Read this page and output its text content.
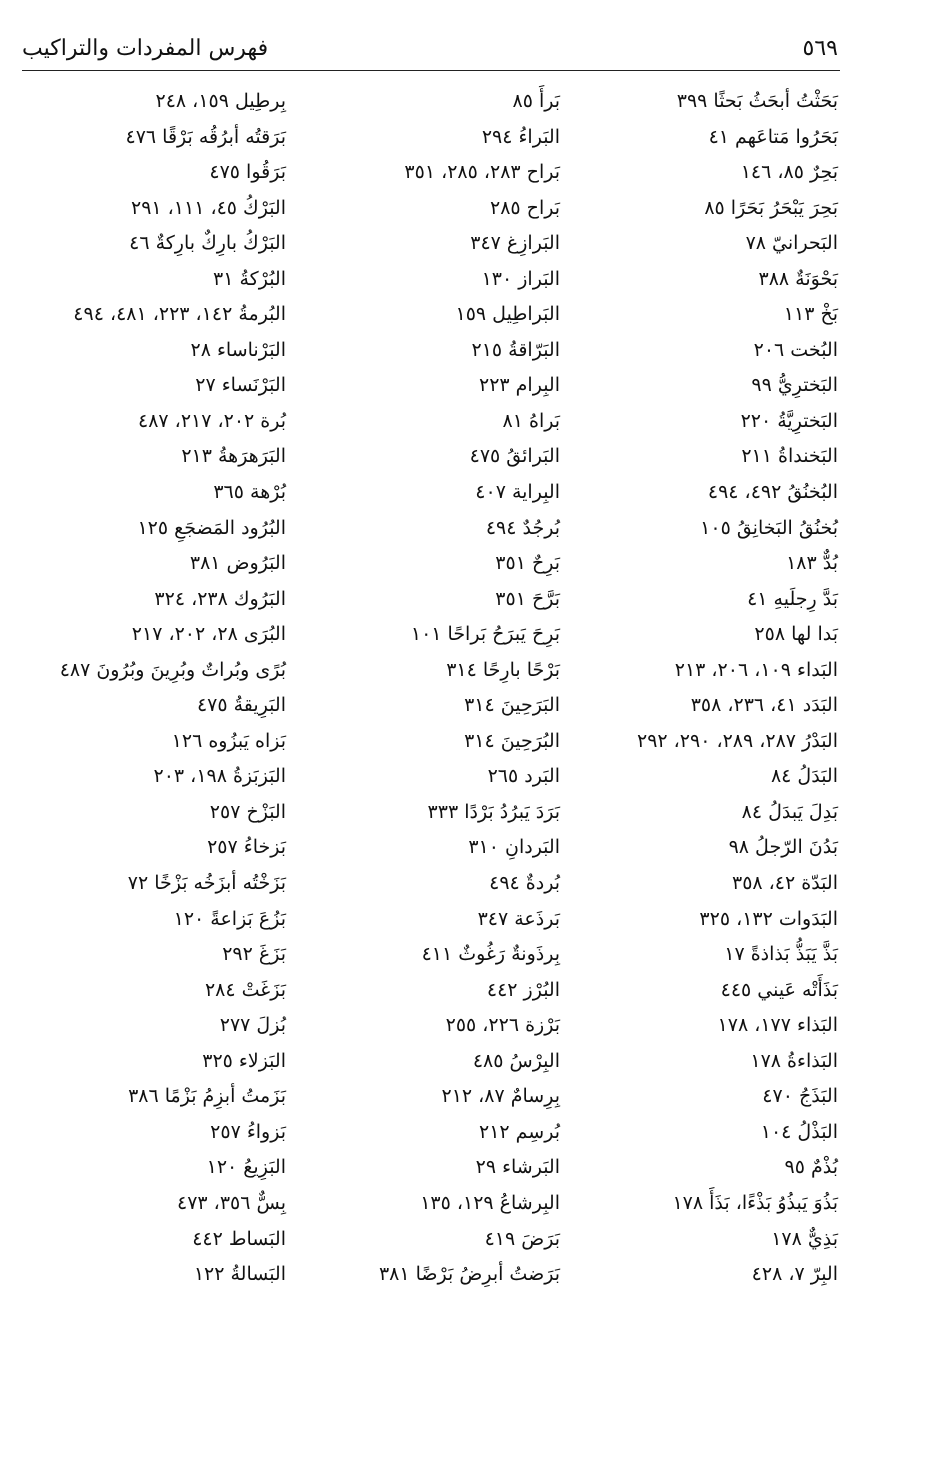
٥٦٩
فهرس المفردات والتراكيب
بَحَثْتُ أبحَثُ بَحثًا ٣٩٩
بَحَرُوا مَتاعَهم ٤١
بَحِرٌ ٨٥، ١٤٦
بَحِرَ يَبْحَرُ بَحَرًا ٨٥
البَحرانيّ ٧٨
بَحْوَنَةٌ ٣٨٨
بَخْ ١١٣
البُخت ٢٠٦
البَخترِيُّ ٩٩
البَخترِيَّةُ ٢٢٠
البَخنداةُ ٢١١
البُخنُقُ ٤٩٢، ٤٩٤
بُخنُقُ البَخانِقُ ١٠٥
بُدٌّ ١٨٣
بَدَّ رِجلَيهِ ٤١
بَدا لها ٢٥٨
البَداء ١٠٩، ٢٠٦، ٢١٣
البَدَد ٤١، ٢٣٦، ٣٥٨
البَدْرُ ٢٨٧، ٢٨٩، ٢٩٠، ٢٩٢
البَدَلُ ٨٤
بَدِلَ يَبدَلُ ٨٤
بَدُنَ الرّجلُ ٩٨
البَدّة ٤٢، ٣٥٨
البَدَوات ١٣٢، ٣٢٥
بَذَّ يَبَذُّ بَذاذةً ١٧
بَذَأَتْه عَيني ٤٤٥
البَذاء ١٧٧، ١٧٨
البَذاءةُ ١٧٨
البَذَجُ ٤٧٠
البَذْلُ ١٠٤
بُذْمٌ ٩٥
بَذُوَ يَبذُوُ بَذْءًا، بَذَأَ ١٧٨
بَذِيٌّ ١٧٨
البِرّ ٧، ٤٢٨
بَرأَ ٨٥
البَراءُ ٢٩٤
بَراح ٢٨٣، ٢٨٥، ٣٥١
بَراح ٢٨٥
البَرازِغ ٣٤٧
البَراز ١٣٠
البَراطِيل ١٥٩
البَرّاقةُ ٢١٥
البِرام ٢٢٣
بَراهُ ٨١
البَرائقُ ٤٧٥
البِراية ٤٠٧
بُرجُدٌ ٤٩٤
بَرِحٌ ٣٥١
بَرَّحَ ٣٥١
بَرِحَ يَبرَحُ بَراحًا ١٠١
بَرْحًا بارِحًا ٣١٤
البَرَحِينَ ٣١٤
البُرَحِينَ ٣١٤
البَرد ٢٦٥
بَرَدَ يَبرُدُ بَرْدًا ٣٣٣
البَردانِ ٣١٠
بُردةٌ ٤٩٤
بَرذَعة ٣٤٧
بِرذَونةٌ رَغُوثٌ ٤١١
البُرْز ٤٤٢
بَرْزة ٢٢٦، ٢٥٥
البِرْسُ ٤٨٥
بِرِسامٌ ٨٧، ٢١٢
بُرسِم ٢١٢
البَرشاء ٢٩
البِرشاعُ ١٢٩، ١٣٥
بَرَضَ ٤١٩
بَرَضتُ أبرِضُ بَرْضًا ٣٨١
بِرطِيل ١٥٩، ٢٤٨
بَرَقتُه أبرُقُه بَرْقًا ٤٧٦
بَرَقُوا ٤٧٥
البَرْكُ ٤٥، ١١١، ٢٩١
البَرْكُ بارِكٌ بارِكةٌ ٤٦
البُرْكةُ ٣١
البُرمةُ ١٤٢، ٢٢٣، ٤٨١، ٤٩٤
البَرْناساء ٢٨
البَرْنَساء ٢٧
بُرة ٢٠٢، ٢١٧، ٤٨٧
البَرَهرَهةُ ٢١٣
بُرْهة ٣٦٥
البُرُود المَضجَعِ ١٢٥
البَرُوض ٣٨١
البَرُوك ٢٣٨، ٣٢٤
البُرَى ٢٨، ٢٠٢، ٢١٧
بُرًى وبُراتٌ وبُرِينَ وبُرُونَ ٤٨٧
البَرِيقةُ ٤٧٥
بَزاه يَبزُوه ١٢٦
البَزبَزةُ ١٩٨، ٢٠٣
البَزْخ ٢٥٧
بَزخاءُ ٢٥٧
بَزَخْتُه أبزَخُه بَزْخًا ٧٢
بَزُعَ بَزاعةً ١٢٠
بَزَغَ ٢٩٢
بَزَغَتْ ٢٨٤
بُزلَ ٢٧٧
البَزلاء ٣٢٥
بَزَمتُ أبزِمُ بَزْمًا ٣٨٦
بَزواءُ ٢٥٧
البَزِيعُ ١٢٠
بِسٌّ ٣٥٦، ٤٧٣
البَساط ٤٤٢
البَسالةُ ١٢٢
